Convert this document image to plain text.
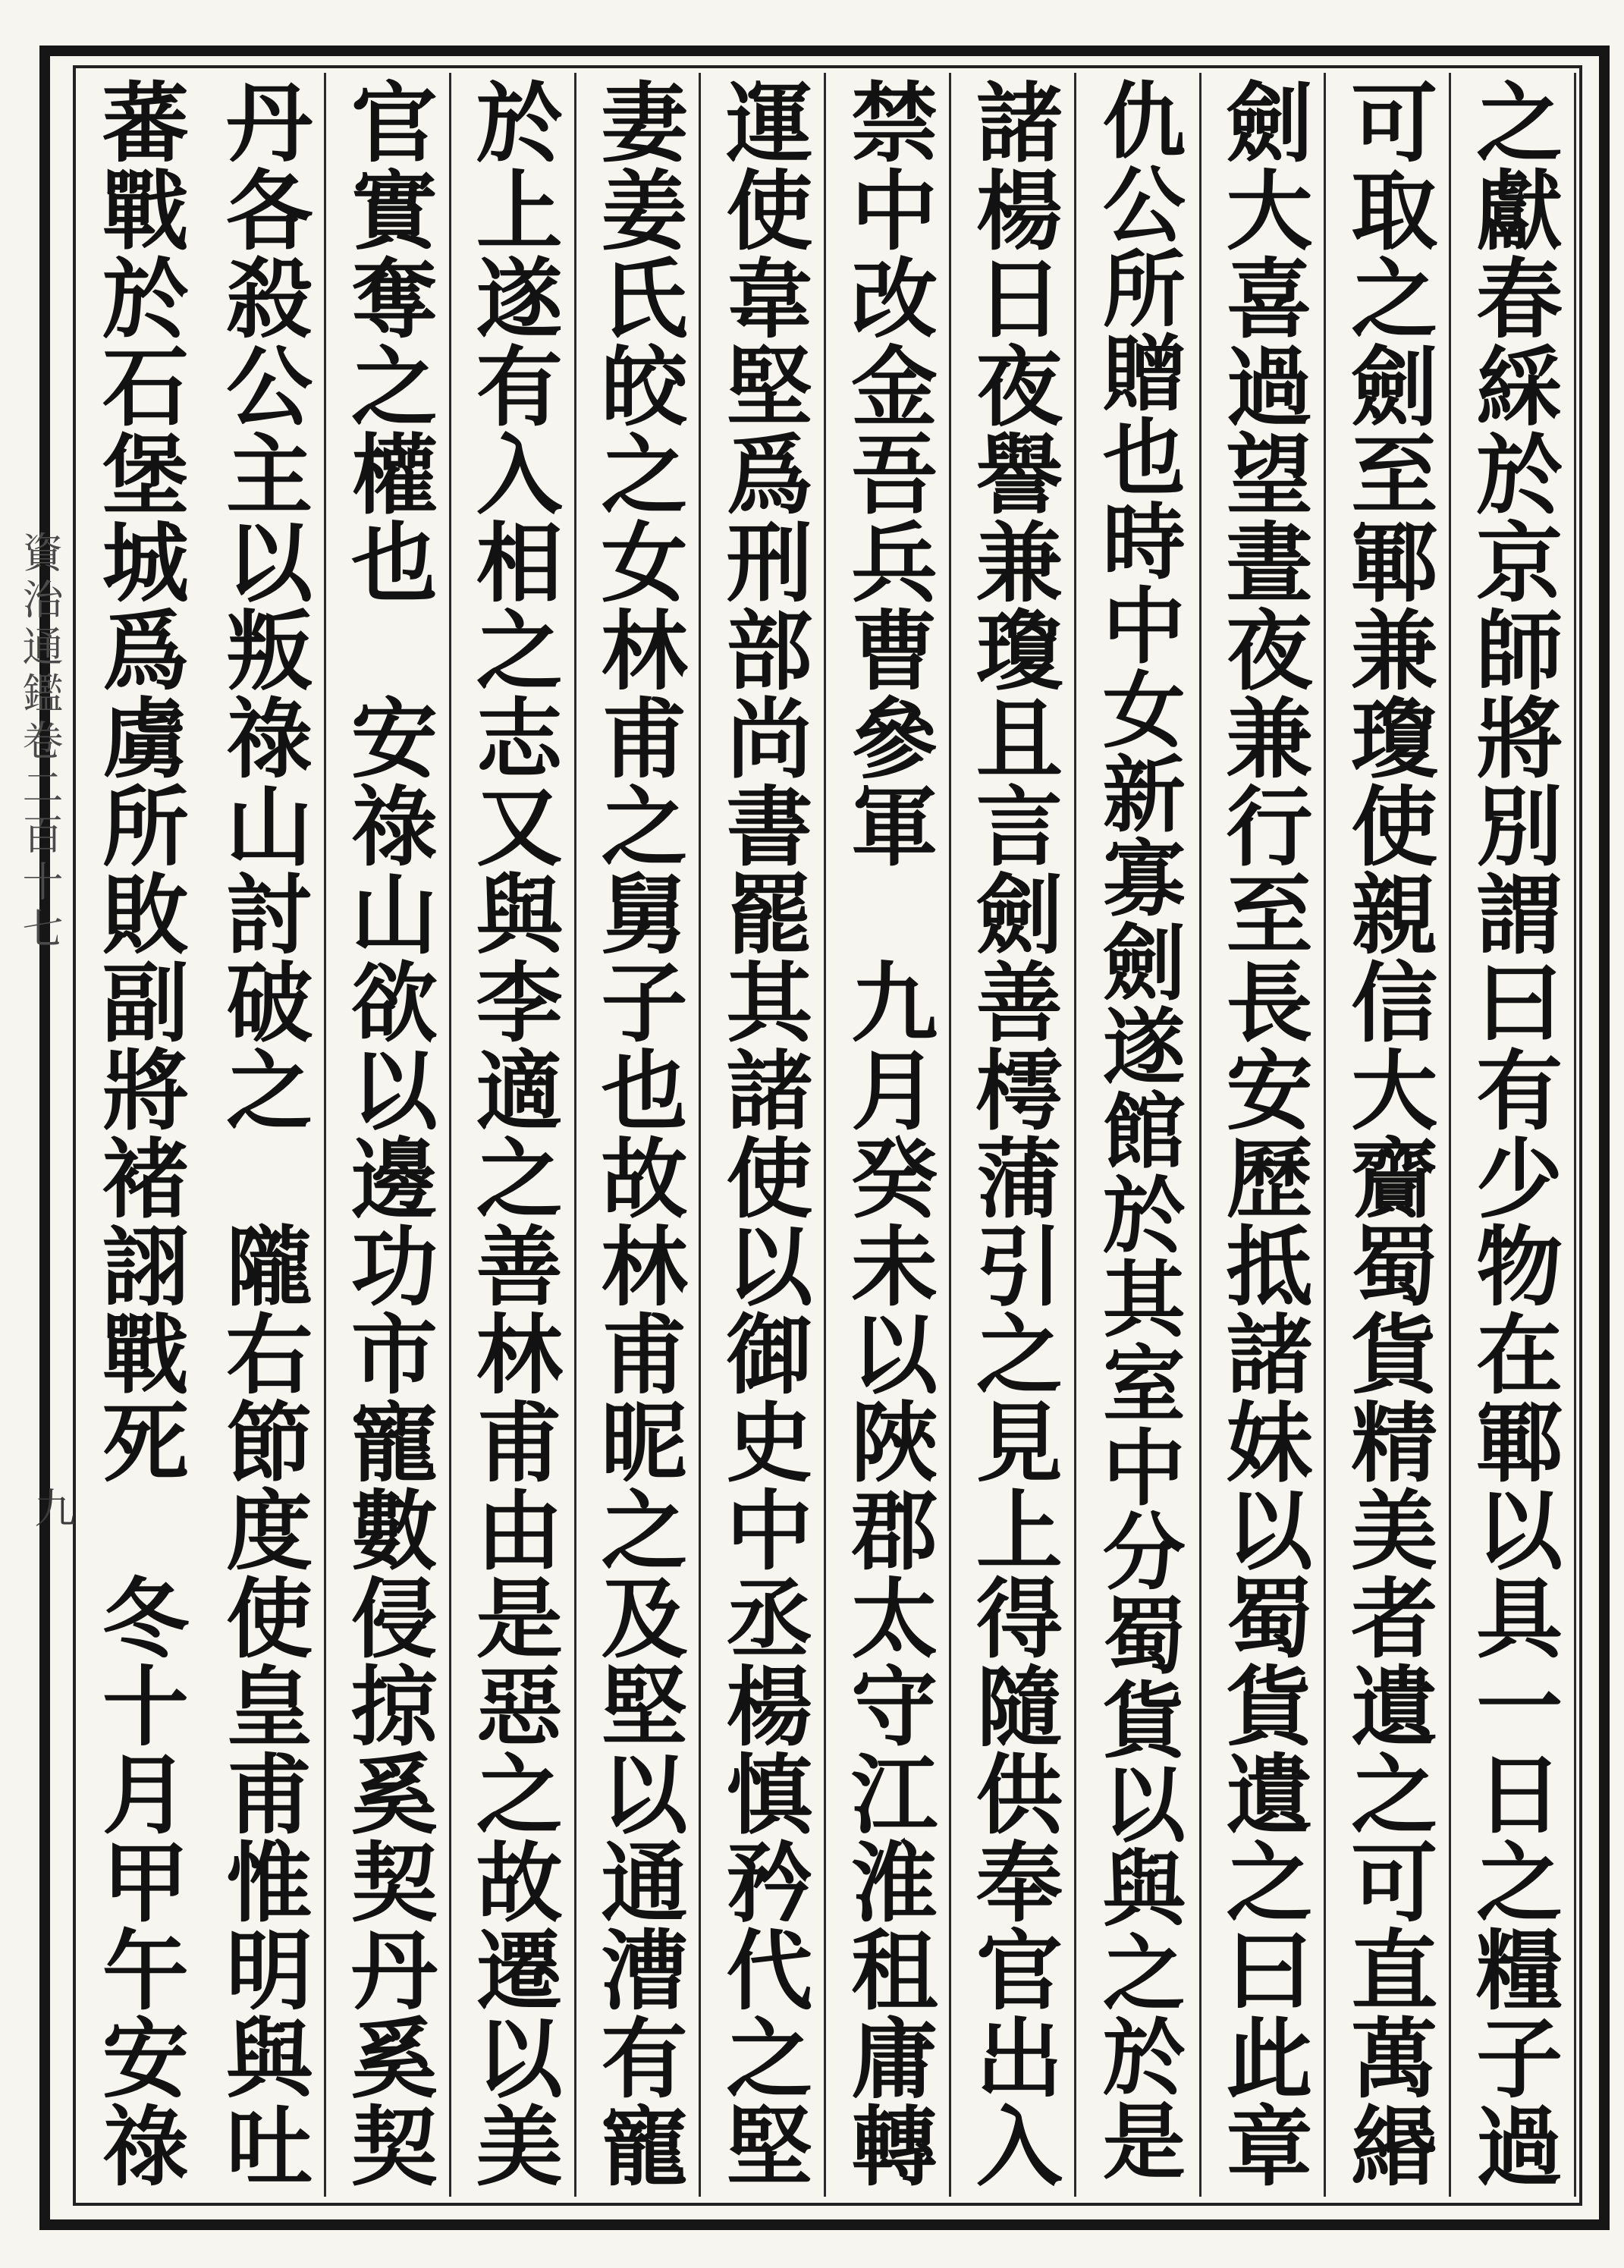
資治通鑑卷二百十七
九	之獻春綵於京師將別謂曰有少物在鄆以具一日之糧子過
可取之劍至鄆兼瓊使親信大齎蜀貨精美者遺之可直萬緡
劍大喜過望晝夜兼行至長安歷抵諸妹以蜀貨遺之曰此章
仇公所贈也時中女新寡劍遂館於其室中分蜀貨以與之於是
諸楊日夜譽兼瓊且言劍善樗蒲引之見上得隨供奉官出入
禁中改金吾兵曹參軍　九月癸未以陜郡太守江淮租庸轉
運使韋堅爲刑部尚書罷其諸使以御史中丞楊慎矜代之堅
妻姜氏皎之女林甫之舅子也故林甫昵之及堅以通漕有寵
於上遂有入相之志又與李適之善林甫由是惡之故遷以美
官實奪之權也　安祿山欲以邊功市寵數侵掠奚契丹奚契
丹各殺公主以叛祿山討破之　隴右節度使皇甫惟明與吐
蕃戰於石堡城爲虜所敗副將褚詡戰死　冬十月甲午安祿
